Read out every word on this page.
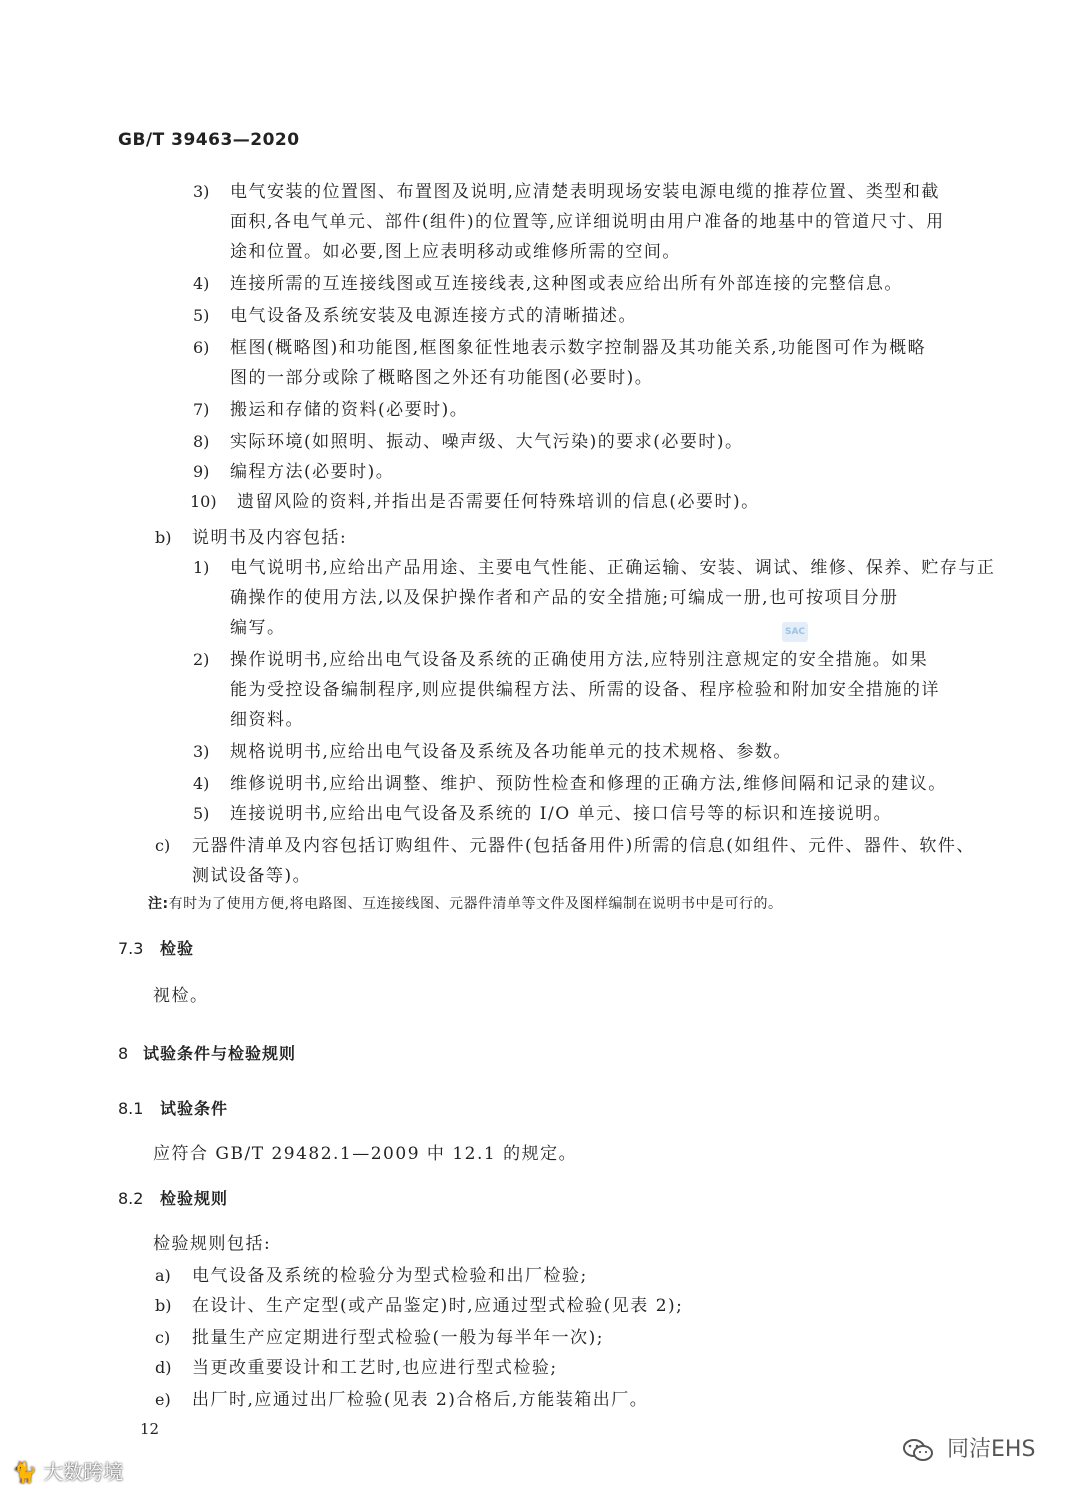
GB/T 39463—2020
3) 电气安装的位置图、布置图及说明,应清楚表明现场安装电源电缆的推荐位置、类型和截
面积,各电气单元、部件(组件)的位置等,应详细说明由用户准备的地基中的管道尺寸、用
途和位置。如必要,图上应表明移动或维修所需的空间。
4) 连接所需的互连接线图或互连接线表,这种图或表应给出所有外部连接的完整信息。
5) 电气设备及系统安装及电源连接方式的清晰描述。
6) 框图(概略图)和功能图,框图象征性地表示数字控制器及其功能关系,功能图可作为概略
图的一部分或除了概略图之外还有功能图(必要时)。
7) 搬运和存储的资料(必要时)。
8) 实际环境(如照明、振动、噪声级、大气污染)的要求(必要时)。
9) 编程方法(必要时)。
10) 遗留风险的资料,并指出是否需要任何特殊培训的信息(必要时)。
b) 说明书及内容包括:
1) 电气说明书,应给出产品用途、主要电气性能、正确运输、安装、调试、维修、保养、贮存与正
确操作的使用方法,以及保护操作者和产品的安全措施;可编成一册,也可按项目分册
编写。
2) 操作说明书,应给出电气设备及系统的正确使用方法,应特别注意规定的安全措施。如果
能为受控设备编制程序,则应提供编程方法、所需的设备、程序检验和附加安全措施的详
细资料。
3) 规格说明书,应给出电气设备及系统及各功能单元的技术规格、参数。
4) 维修说明书,应给出调整、维护、预防性检查和修理的正确方法,维修间隔和记录的建议。
5) 连接说明书,应给出电气设备及系统的 I/O 单元、接口信号等的标识和连接说明。
c) 元器件清单及内容包括订购组件、元器件(包括备用件)所需的信息(如组件、元件、器件、软件、
测试设备等)。
注:有时为了使用方便,将电路图、互连接线图、元器件清单等文件及图样编制在说明书中是可行的。
7.3 检验
视检。
8 试验条件与检验规则
8.1 试验条件
应符合 GB/T 29482.1—2009 中 12.1 的规定。
8.2 检验规则
检验规则包括:
a) 电气设备及系统的检验分为型式检验和出厂检验;
b) 在设计、生产定型(或产品鉴定)时,应通过型式检验(见表 2);
c) 批量生产应定期进行型式检验(一般为每半年一次);
d) 当更改重要设计和工艺时,也应进行型式检验;
e) 出厂时,应通过出厂检验(见表 2)合格后,方能装箱出厂。
SAC
12
🐈 大数跨境
同洁EHS
